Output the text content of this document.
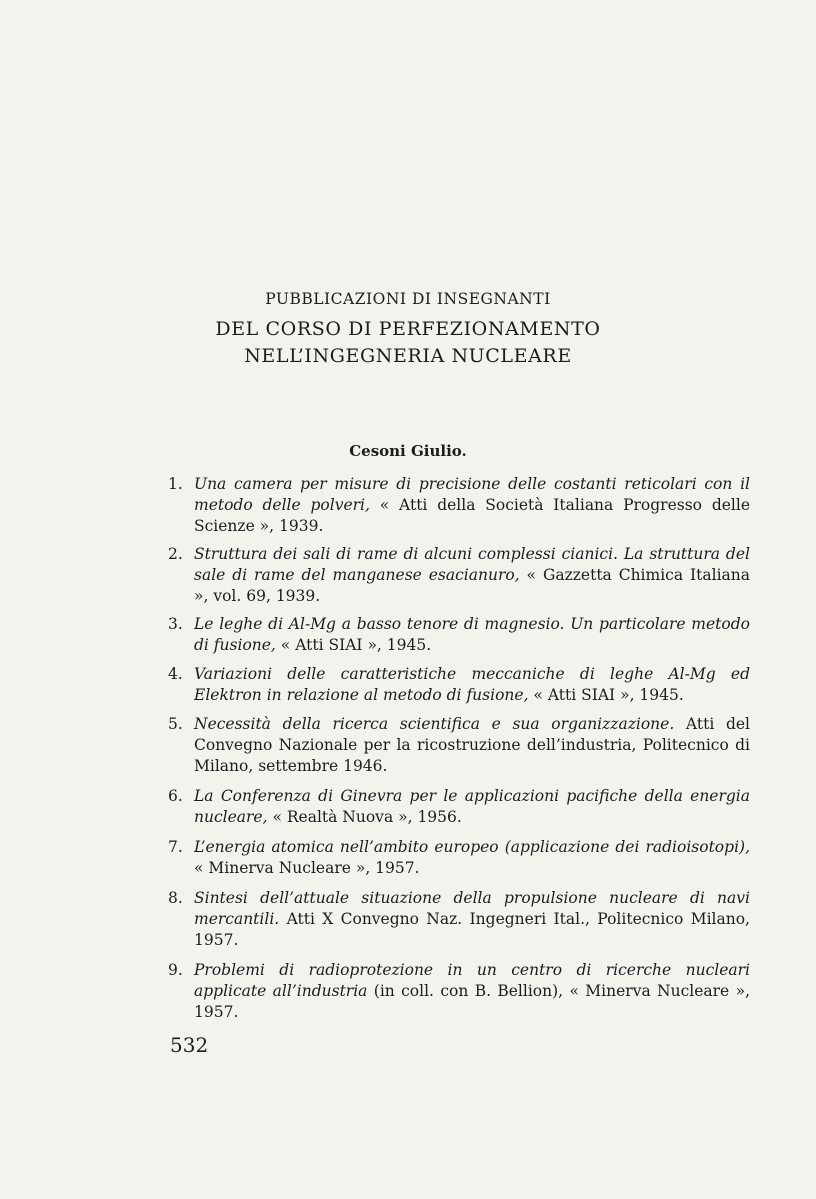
PUBBLICAZIONI DI INSEGNANTI
DEL CORSO DI PERFEZIONAMENTO
NELL’INGEGNERIA NUCLEARE
Cesoni Giulio.
1. Una camera per misure di precisione delle costanti reticolari con il metodo delle polveri, « Atti della Società Italiana Progresso delle Scienze », 1939.
2. Struttura dei sali di rame di alcuni complessi cianici. La struttura del sale di rame del manganese esacianuro, « Gazzetta Chimica Italiana », vol. 69, 1939.
3. Le leghe di Al-Mg a basso tenore di magnesio. Un particolare metodo di fusione, « Atti SIAI », 1945.
4. Variazioni delle caratteristiche meccaniche di leghe Al-Mg ed Elektron in relazione al metodo di fusione, « Atti SIAI », 1945.
5. Necessità della ricerca scientifica e sua organizzazione. Atti del Convegno Nazionale per la ricostruzione dell’industria, Politecnico di Milano, settembre 1946.
6. La Conferenza di Ginevra per le applicazioni pacifiche della energia nucleare, « Realtà Nuova », 1956.
7. L’energia atomica nell’ambito europeo (applicazione dei radioisotopi), « Minerva Nucleare », 1957.
8. Sintesi dell’attuale situazione della propulsione nucleare di navi mercantili. Atti X Convegno Naz. Ingegneri Ital., Politecnico Milano, 1957.
9. Problemi di radioprotezione in un centro di ricerche nucleari applicate all’industria (in coll. con B. Bellion), « Minerva Nucleare », 1957.
532
